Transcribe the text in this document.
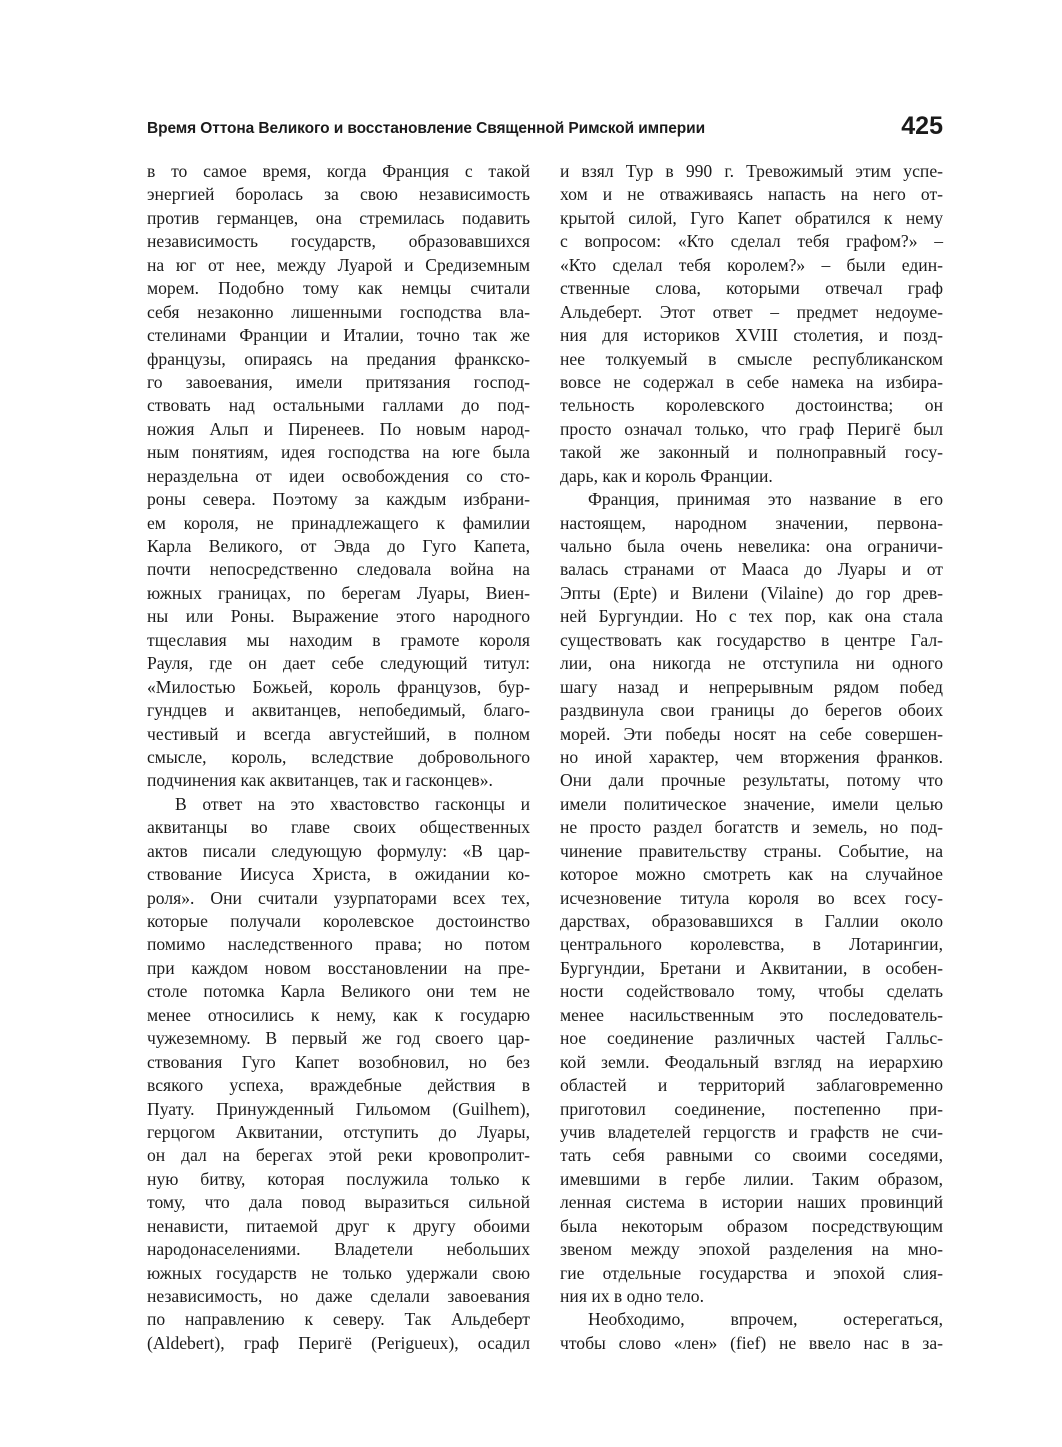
Время Оттона Великого и восстановление Священной Римской империи	425
в то самое время, когда Франция с такой
энергией боролась за свою независимость
против германцев, она стремилась подавить
независимость государств, образовавшихся
на юг от нее, между Луарой и Средиземным
морем. Подобно тому как немцы считали
себя незаконно лишенными господства вла-
стелинами Франции и Италии, точно так же
французы, опираясь на предания франкско-
го завоевания, имели притязания господ-
ствовать над остальными галлами до под-
ножия Альп и Пиренеев. По новым народ-
ным понятиям, идея господства на юге была
нераздельна от идеи освобождения со сто-
роны севера. Поэтому за каждым избрани-
ем короля, не принадлежащего к фамилии
Карла Великого, от Эвда до Гуго Капета,
почти непосредственно следовала война на
южных границах, по берегам Луары, Виен-
ны или Роны. Выражение этого народного
тщеславия мы находим в грамоте короля
Рауля, где он дает себе следующий титул:
«Милостью Божьей, король французов, бур-
гундцев и аквитанцев, непобедимый, благо-
честивый и всегда августейший, в полном
смысле, король, вследствие добровольного
подчинения как аквитанцев, так и гасконцев».
В ответ на это хвастовство гасконцы и
аквитанцы во главе своих общественных
актов писали следующую формулу: «В цар-
ствование Иисуса Христа, в ожидании ко-
роля». Они считали узурпаторами всех тех,
которые получали королевское достоинство
помимо наследственного права; но потом
при каждом новом восстановлении на пре-
столе потомка Карла Великого они тем не
менее относились к нему, как к государю
чужеземному. В первый же год своего цар-
ствования Гуго Капет возобновил, но без
всякого успеха, враждебные действия в
Пуату. Принужденный Гильомом (Guilhem),
герцогом Аквитании, отступить до Луары,
он дал на берегах этой реки кровопролит-
ную битву, которая послужила только к
тому, что дала повод выразиться сильной
ненависти, питаемой друг к другу обоими
народонаселениями. Владетели небольших
южных государств не только удержали свою
независимость, но даже сделали завоевания
по направлению к северу. Так Альдеберт
(Aldebert), граф Перигё (Perigueux), осадил
и взял Тур в 990 г. Тревожимый этим успе-
хом и не отваживаясь напасть на него от-
крытой силой, Гуго Капет обратился к нему
с вопросом: «Кто сделал тебя графом?» –
«Кто сделал тебя королем?» – были един-
ственные слова, которыми отвечал граф
Альдеберт. Этот ответ – предмет недоуме-
ния для историков XVIII столетия, и позд-
нее толкуемый в смысле республиканском
вовсе не содержал в себе намека на избира-
тельность королевского достоинства; он
просто означал только, что граф Перигё был
такой же законный и полноправный госу-
дарь, как и король Франции.
Франция, принимая это название в его
настоящем, народном значении, первона-
чально была очень невелика: она ограничи-
валась странами от Мааса до Луары и от
Эпты (Epte) и Вилени (Vilaine) до гор древ-
ней Бургундии. Но с тех пор, как она стала
существовать как государство в центре Гал-
лии, она никогда не отступила ни одного
шагу назад и непрерывным рядом побед
раздвинула свои границы до берегов обоих
морей. Эти победы носят на себе совершен-
но иной характер, чем вторжения франков.
Они дали прочные результаты, потому что
имели политическое значение, имели целью
не просто раздел богатств и земель, но под-
чинение правительству страны. Событие, на
которое можно смотреть как на случайное
исчезновение титула короля во всех госу-
дарствах, образовавшихся в Галлии около
центрального королевства, в Лотарингии,
Бургундии, Бретани и Аквитании, в особен-
ности содействовало тому, чтобы сделать
менее насильственным это последователь-
ное соединение различных частей Галльс-
кой земли. Феодальный взгляд на иерархию
областей и территорий заблаговременно
приготовил соединение, постепенно при-
учив владетелей герцогств и графств не счи-
тать себя равными со своими соседями,
имевшими в гербе лилии. Таким образом,
ленная система в истории наших провинций
была некоторым образом посредствующим
звеном между эпохой разделения на мно-
гие отдельные государства и эпохой слия-
ния их в одно тело.
Необходимо, впрочем, остерегаться,
чтобы слово «лен» (fief) не ввело нас в за-
